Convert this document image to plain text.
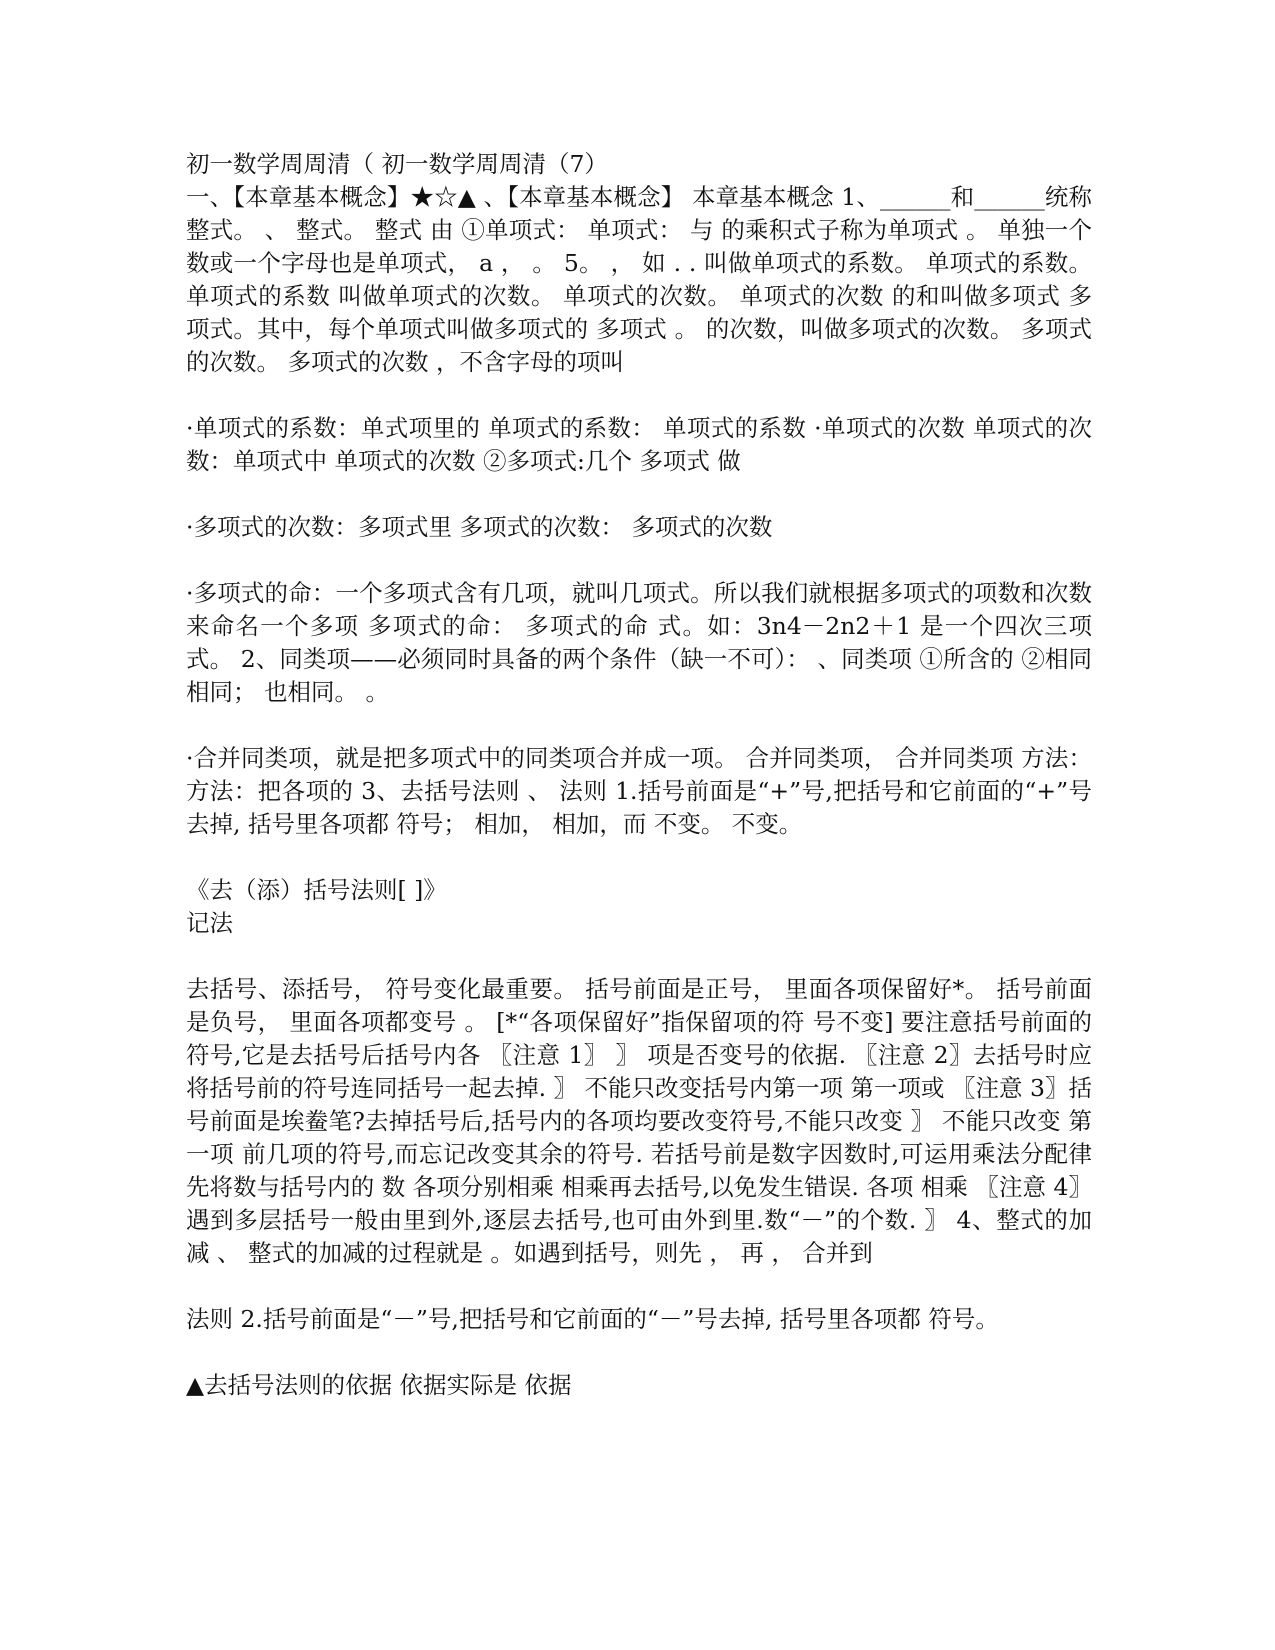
初一数学周周清（ 初一数学周周清（7）

一、【本章基本概念】★☆▲ 、【本章基本概念】 本章基本概念 1、______和______统称整式。 、 整式。 整式 由 ①单项式： 单项式： 与 的乘积式子称为单项式 。 单独一个数或一个字母也是单项式， a ， 。 5。 ， 如 . . 叫做单项式的系数。 单项式的系数。 单项式的系数 叫做单项式的次数。 单项式的次数。 单项式的次数 的和叫做多项式 多项式。其中，每个单项式叫做多项式的 多项式 。 的次数，叫做多项式的次数。 多项式的次数。 多项式的次数 ，不含字母的项叫

·单项式的系数：单式项里的 单项式的系数： 单项式的系数 ·单项式的次数 单项式的次数：单项式中 单项式的次数 ②多项式:几个 多项式 做

·多项式的次数：多项式里 多项式的次数： 多项式的次数

·多项式的命：一个多项式含有几项，就叫几项式。所以我们就根据多项式的项数和次数来命名一个多项 多项式的命： 多项式的命 式。如：3n4－2n2＋1 是一个四次三项式。 2、同类项——必须同时具备的两个条件（缺一不可）： 、同类项 ①所含的 ②相同 相同； 也相同。 。

·合并同类项，就是把多项式中的同类项合并成一项。 合并同类项， 合并同类项 方法： 方法：把各项的 3、去括号法则 、 法则 1.括号前面是“+”号,把括号和它前面的“+”号去掉, 括号里各项都 符号； 相加， 相加，而 不变。 不变。

《去（添）括号法则[ ]》

记法

去括号、添括号， 符号变化最重要。 括号前面是正号， 里面各项保留好*。 括号前面是负号， 里面各项都变号 。 [*“各项保留好”指保留项的符 号不变] 要注意括号前面的符号,它是去括号后括号内各 〖注意 1〗 〗 项是否变号的依据. 〖注意 2〗去括号时应将括号前的符号连同括号一起去掉. 〗 不能只改变括号内第一项 第一项或 〖注意 3〗括号前面是埃鲞笔?去掉括号后,括号内的各项均要改变符号,不能只改变 〗 不能只改变 第一项 前几项的符号,而忘记改变其余的符号. 若括号前是数字因数时,可运用乘法分配律先将数与括号内的 数 各项分别相乘 相乘再去括号,以免发生错误. 各项 相乘 〖注意 4〗遇到多层括号一般由里到外,逐层去括号,也可由外到里.数“－”的个数. 〗 4、整式的加减 、 整式的加减的过程就是 。如遇到括号，则先 ， 再 ， 合并到

法则 2.括号前面是“－”号,把括号和它前面的“－”号去掉, 括号里各项都 符号。

▲去括号法则的依据 依据实际是 依据
